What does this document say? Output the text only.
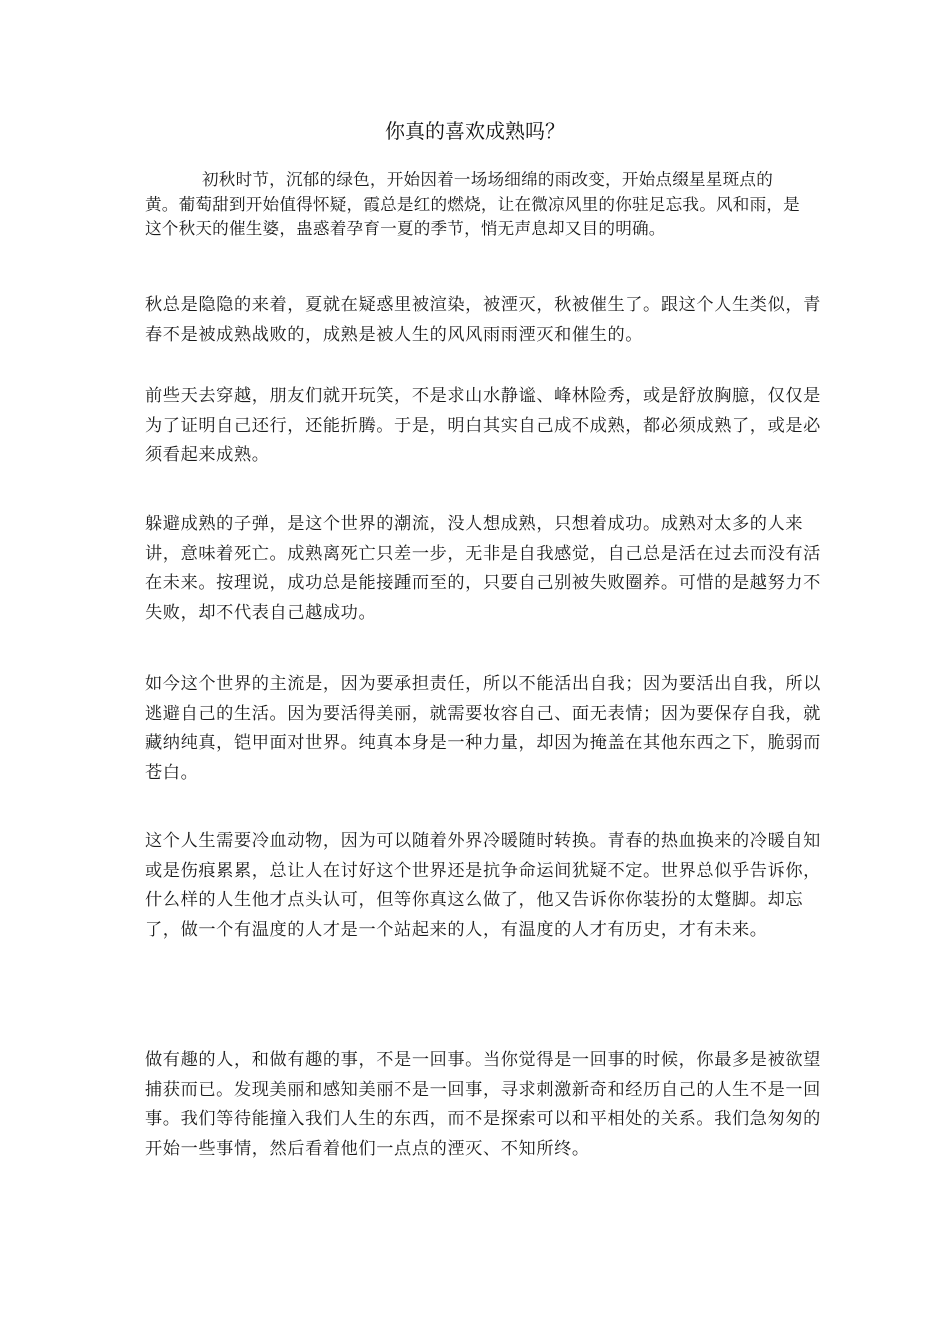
你真的喜欢成熟吗？

初秋时节，沉郁的绿色，开始因着一场场细绵的雨改变，开始点缀星星斑点的黄。葡萄甜到开始值得怀疑，霞总是红的燃烧，让在微凉风里的你驻足忘我。风和雨，是这个秋天的催生婆，蛊惑着孕育一夏的季节，悄无声息却又目的明确。

秋总是隐隐的来着，夏就在疑惑里被渲染，被湮灭，秋被催生了。跟这个人生类似，青春不是被成熟战败的，成熟是被人生的风风雨雨湮灭和催生的。

前些天去穿越，朋友们就开玩笑，不是求山水静谧、峰林险秀，或是舒放胸臆，仅仅是为了证明自己还行，还能折腾。于是，明白其实自己成不成熟，都必须成熟了，或是必须看起来成熟。

躲避成熟的子弹，是这个世界的潮流，没人想成熟，只想着成功。成熟对太多的人来讲，意味着死亡。成熟离死亡只差一步，无非是自我感觉，自己总是活在过去而没有活在未来。按理说，成功总是能接踵而至的，只要自己别被失败圈养。可惜的是越努力不失败，却不代表自己越成功。

如今这个世界的主流是，因为要承担责任，所以不能活出自我；因为要活出自我，所以逃避自己的生活。因为要活得美丽，就需要妆容自己、面无表情；因为要保存自我，就藏纳纯真，铠甲面对世界。纯真本身是一种力量，却因为掩盖在其他东西之下，脆弱而苍白。

这个人生需要冷血动物，因为可以随着外界冷暖随时转换。青春的热血换来的冷暖自知或是伤痕累累，总让人在讨好这个世界还是抗争命运间犹疑不定。世界总似乎告诉你，什么样的人生他才点头认可，但等你真这么做了，他又告诉你你装扮的太蹩脚。却忘了，做一个有温度的人才是一个站起来的人，有温度的人才有历史，才有未来。

做有趣的人，和做有趣的事，不是一回事。当你觉得是一回事的时候，你最多是被欲望捕获而已。发现美丽和感知美丽不是一回事，寻求刺激新奇和经历自己的人生不是一回事。我们等待能撞入我们人生的东西，而不是探索可以和平相处的关系。我们急匆匆的开始一些事情，然后看着他们一点点的湮灭、不知所终。
